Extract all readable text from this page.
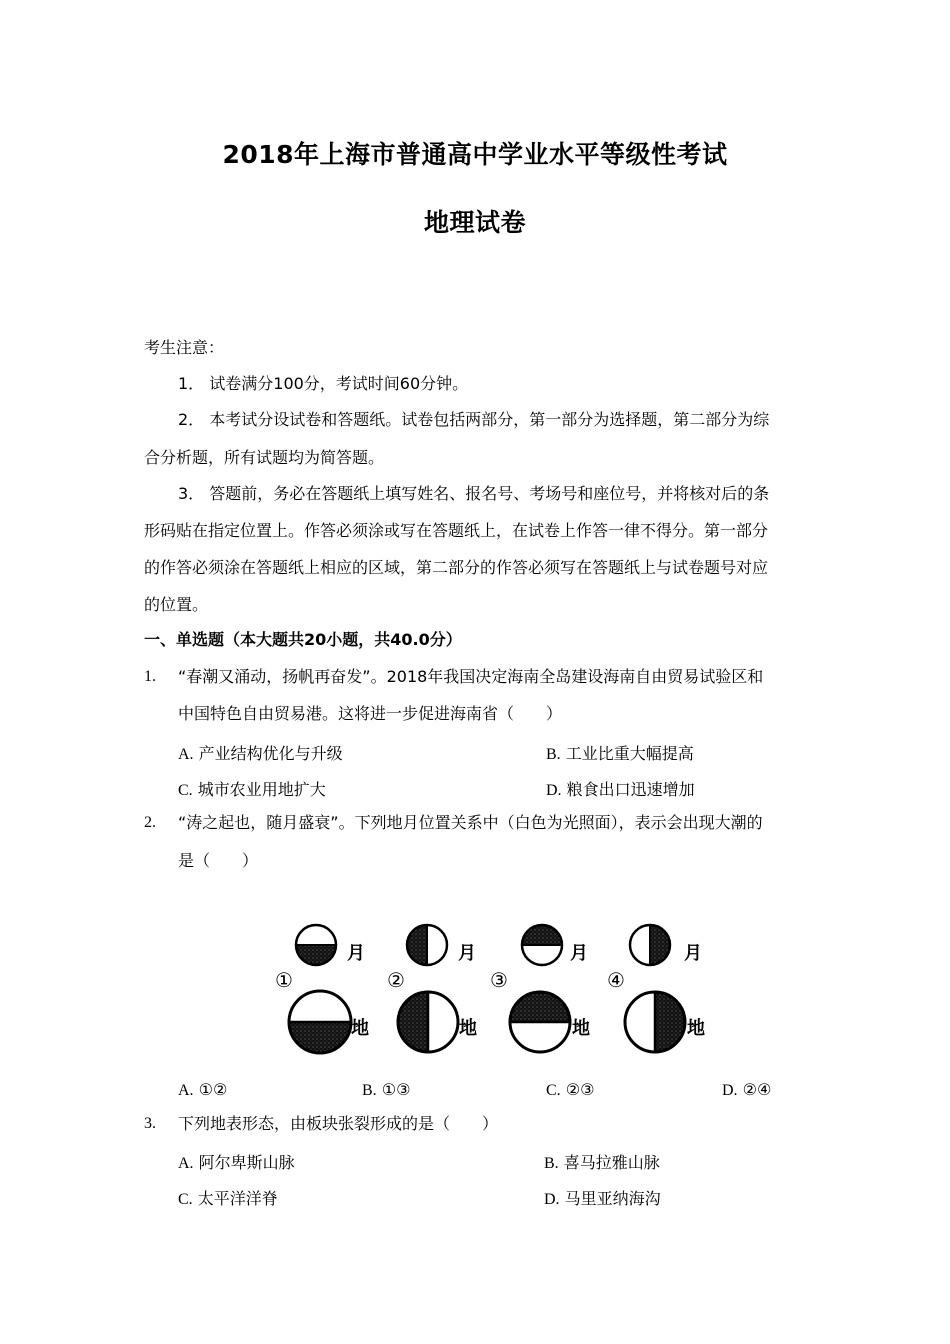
2018年上海市普通高中学业水平等级性考试
地理试卷
考生注意：
1． 试卷满分100分，考试时间60分钟。
2． 本考试分设试卷和答题纸。试卷包括两部分，第一部分为选择题，第二部分为综
合分析题，所有试题均为简答题。
3． 答题前，务必在答题纸上填写姓名、报名号、考场号和座位号，并将核对后的条
形码贴在指定位置上。作答必须涂或写在答题纸上，在试卷上作答一律不得分。第一部分
的作答必须涂在答题纸上相应的区域，第二部分的作答必须写在答题纸上与试卷题号对应
的位置。
一、单选题（本大题共20小题，共40.0分）
1. “春潮又涌动，扬帆再奋发”。2018年我国决定海南全岛建设海南自由贸易试验区和
中国特色自由贸易港。这将进一步促进海南省（　　）
A. 产业结构优化与升级	B. 工业比重大幅提高
C. 城市农业用地扩大	D. 粮食出口迅速增加
2. “涛之起也，随月盛衰”。下列地月位置关系中（白色为光照面），表示会出现大潮的
是（　　）
①
月
地
②
月
地
③
月
地
④
月
地
A. ①②	B. ①③	C. ②③	D. ②④
3. 下列地表形态，由板块张裂形成的是（　　）
A. 阿尔卑斯山脉	B. 喜马拉雅山脉
C. 太平洋洋脊	D. 马里亚纳海沟
